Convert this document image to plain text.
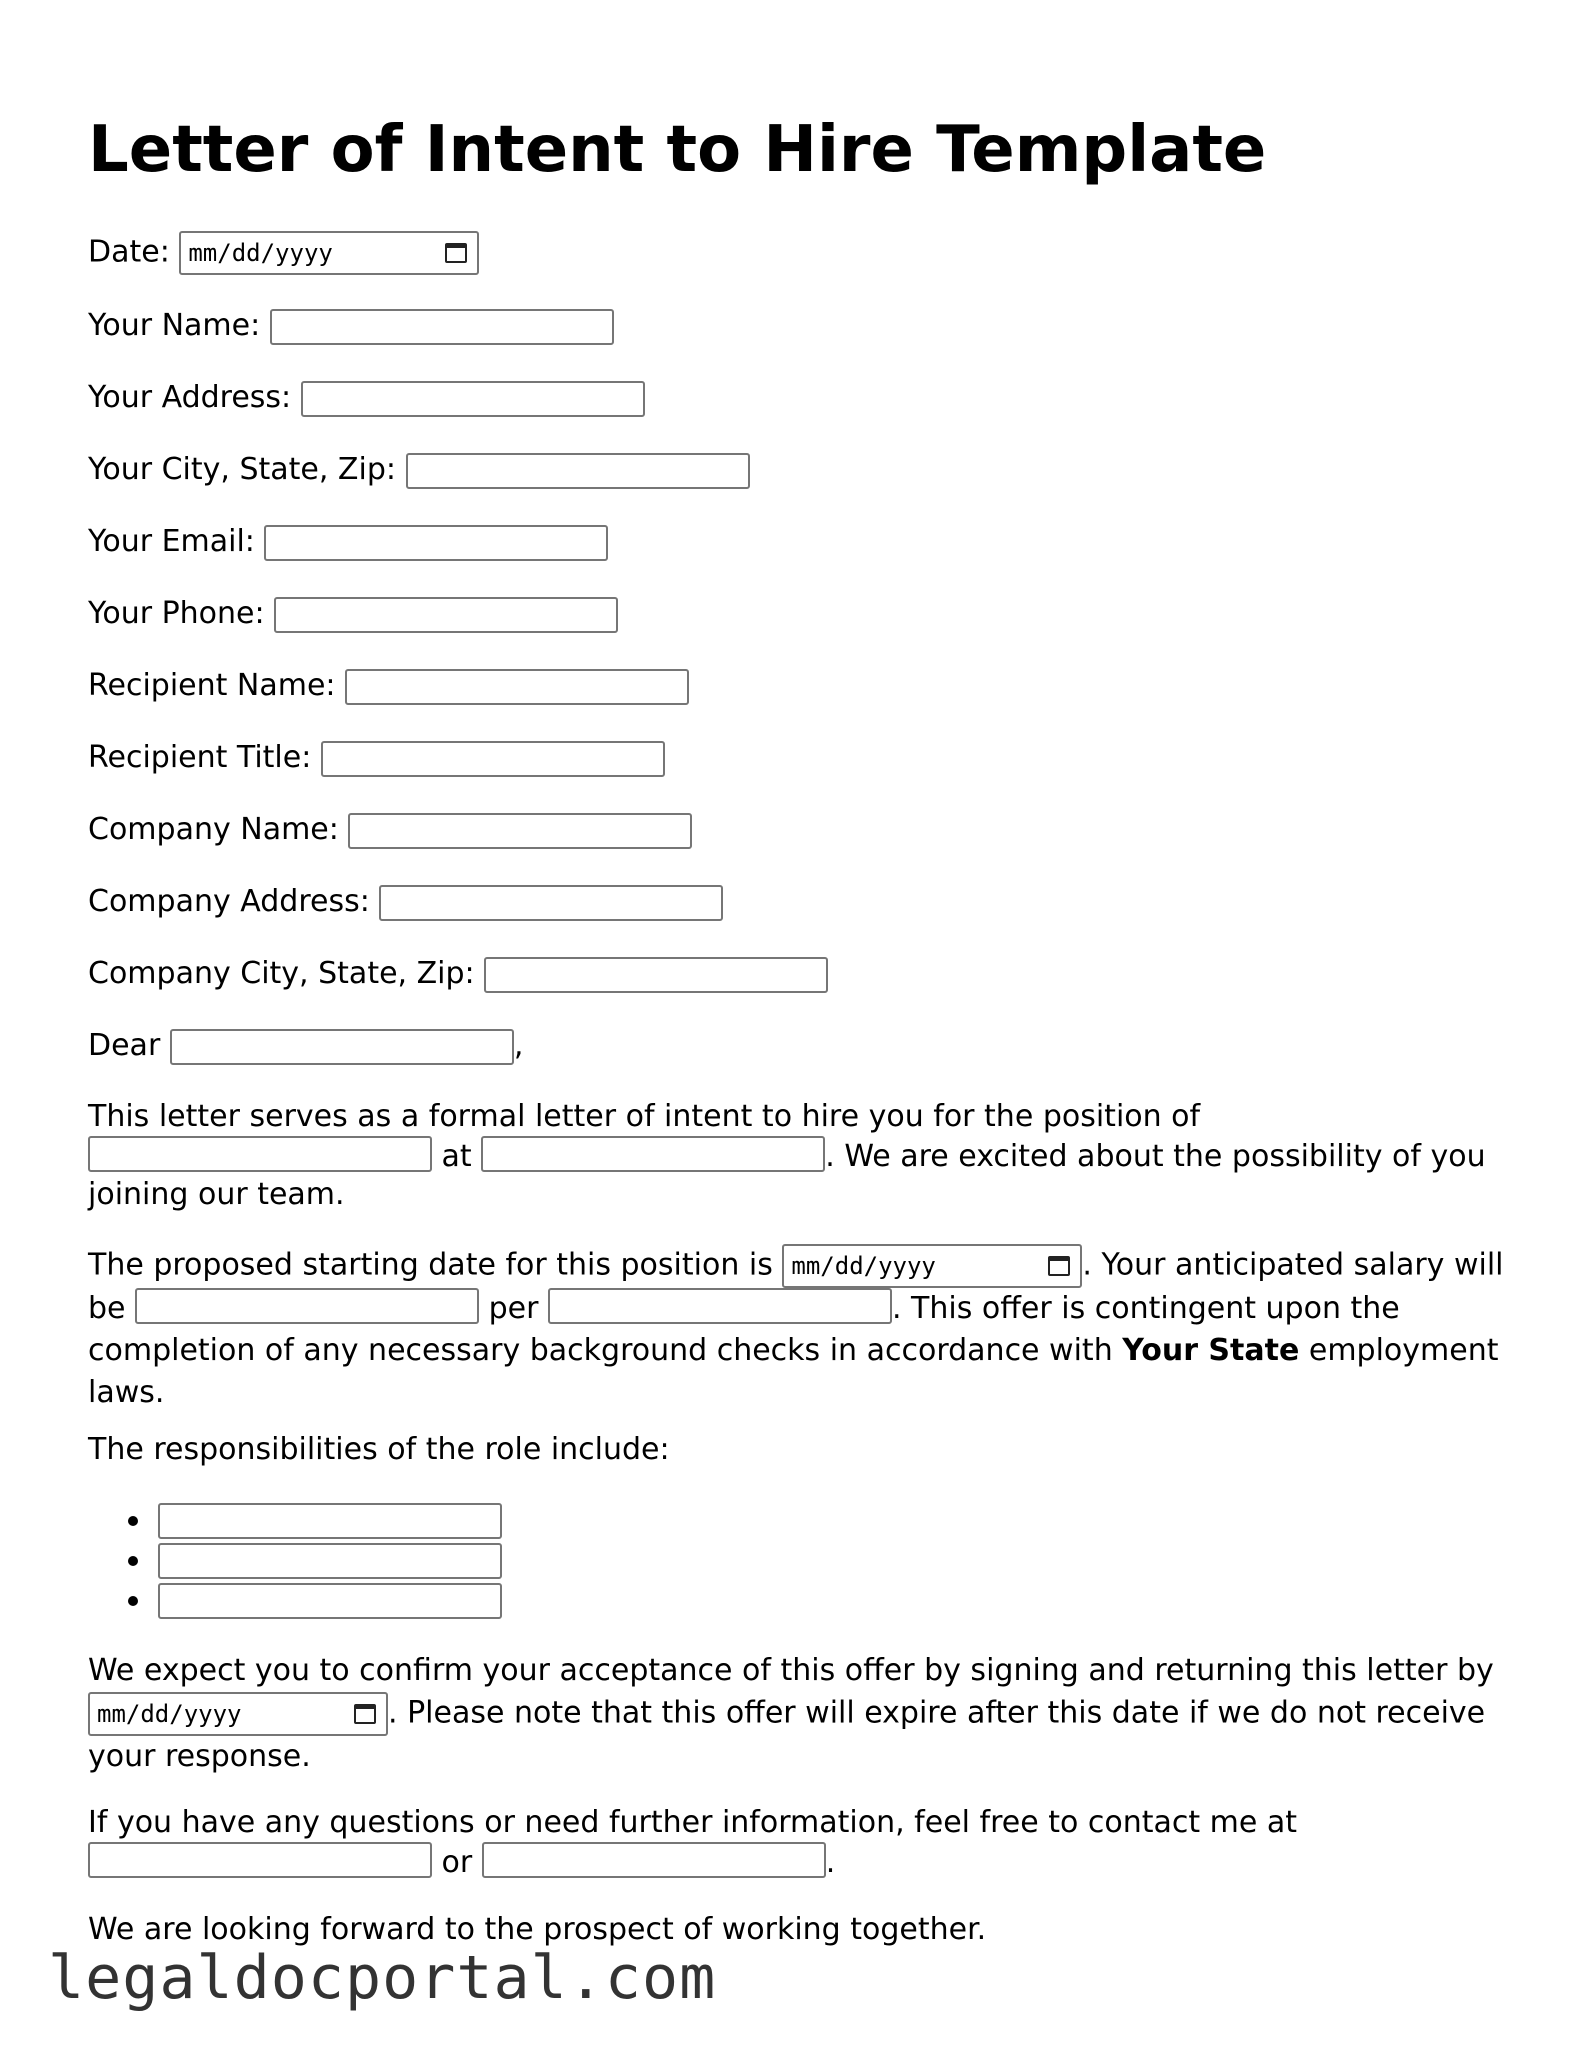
Letter of Intent to Hire Template
Date: mm/dd/yyyy
Your Name:
Your Address:
Your City, State, Zip:
Your Email:
Your Phone:
Recipient Name:
Recipient Title:
Company Name:
Company Address:
Company City, State, Zip:
Dear	,
This letter serves as a formal letter of intent to hire you for the position of  at	. We are excited about the possibility of you joining our team.
The proposed starting date for this position is mm/dd/yyyy	. Your anticipated salary will be	per	. This offer is contingent upon the completion of any necessary background checks in accordance with Your State employment laws.
The responsibilities of the role include:
We expect you to confirm your acceptance of this offer by signing and returning this letter by mm/dd/yyyy	. Please note that this offer will expire after this date if we do not receive your response.
If you have any questions or need further information, feel free to contact me at  or	.
We are looking forward to the prospect of working together.
legaldocportal.com
